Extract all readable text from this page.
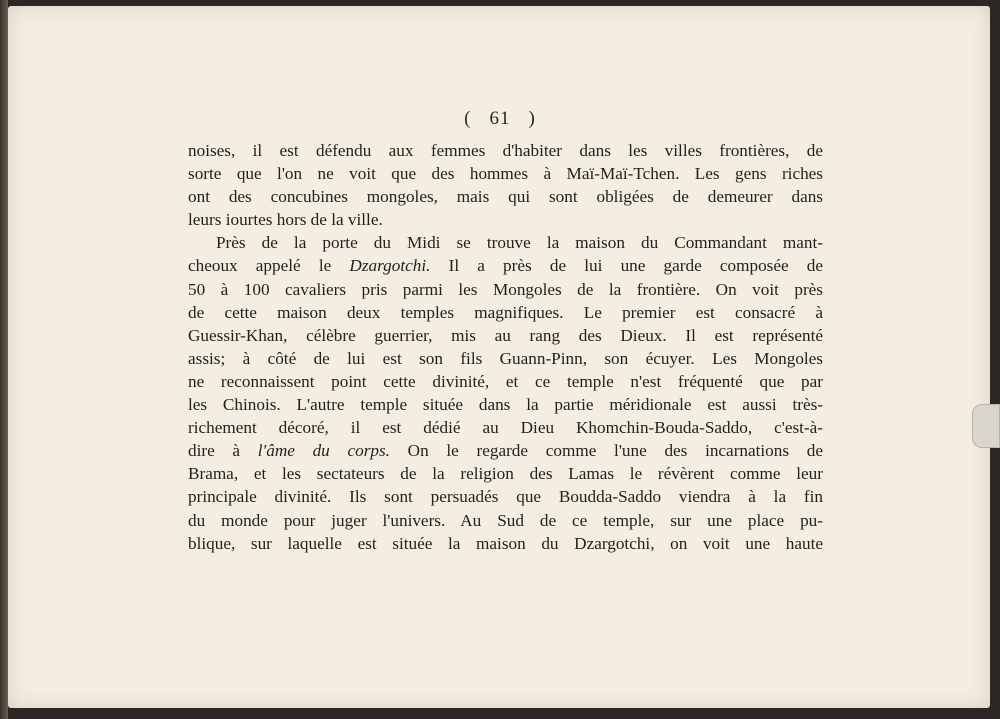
( 61 )
noises, il est défendu aux femmes d'habiter dans les villes frontières, de
sorte que l'on ne voit que des hommes à Maï-Maï-Tchen. Les gens riches
ont des concubines mongoles, mais qui sont obligées de demeurer dans
leurs iourtes hors de la ville.
Près de la porte du Midi se trouve la maison du Commandant mant-
cheoux appelé le Dzargotchi. Il a près de lui une garde composée de
50 à 100 cavaliers pris parmi les Mongoles de la frontière. On voit près
de cette maison deux temples magnifiques. Le premier est consacré à
Guessir-Khan, célèbre guerrier, mis au rang des Dieux. Il est représenté
assis; à côté de lui est son fils Guann-Pinn, son écuyer. Les Mongoles
ne reconnaissent point cette divinité, et ce temple n'est fréquenté que par
les Chinois. L'autre temple située dans la partie méridionale est aussi très-
richement décoré, il est dédié au Dieu Khomchin-Bouda-Saddo, c'est-à-
dire à l'âme du corps. On le regarde comme l'une des incarnations de
Brama, et les sectateurs de la religion des Lamas le révèrent comme leur
principale divinité. Ils sont persuadés que Boudda-Saddo viendra à la fin
du monde pour juger l'univers. Au Sud de ce temple, sur une place pu-
blique, sur laquelle est située la maison du Dzargotchi, on voit une haute
